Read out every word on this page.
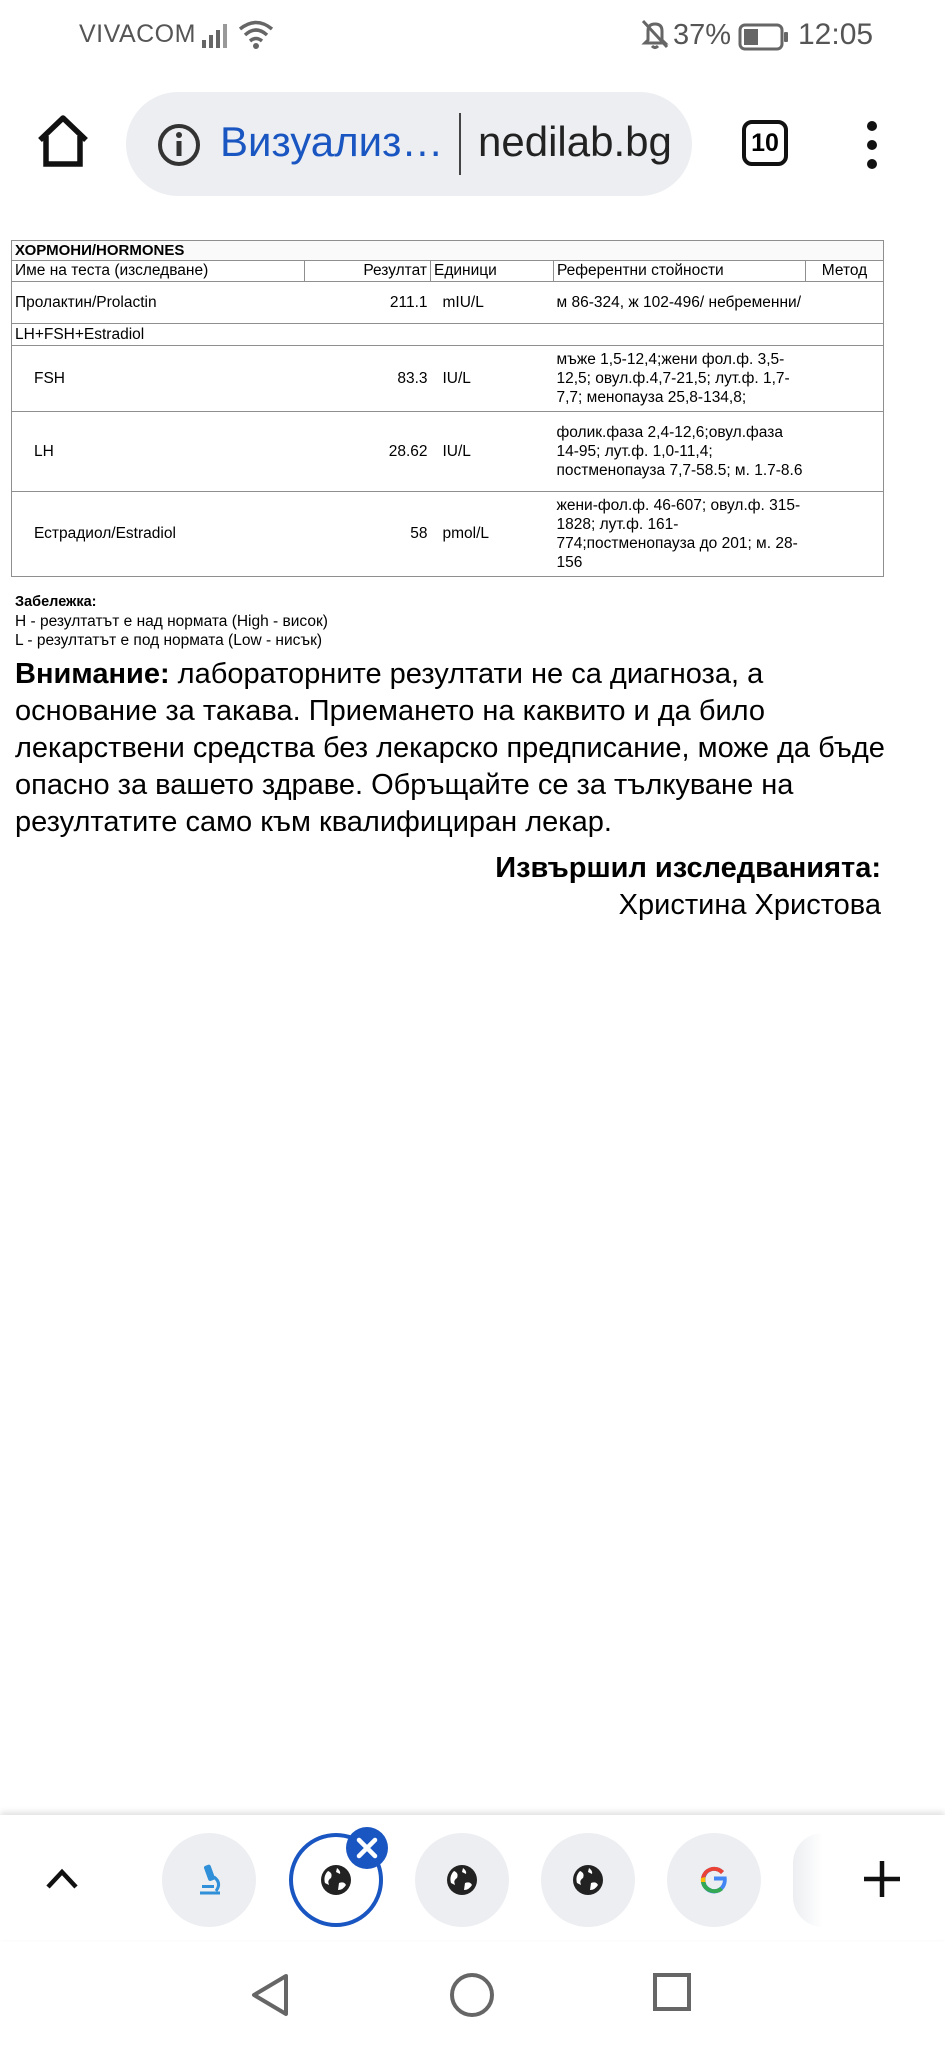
VIVACOM	37% 12:05
Визуализ… nedilab.bg	10
ХОРМОНИ/HORMONES				
Име на теста (изследване)	Резултат	Единици	Референтни стойности	Метод
Пролактин/Prolactin	211.1	mIU/L	м 86-324, ж 102-496/ небременни/	
LH+FSH+Estradiol				
FSH	83.3	IU/L	мъже 1,5-12,4;жени фол.ф. 3,5-12,5; овул.ф.4,7-21,5; лут.ф. 1,7-7,7; менопауза 25,8-134,8;	
LH	28.62	IU/L	фолик.фаза 2,4-12,6;овул.фаза 14-95; лут.ф. 1,0-11,4; постменопауза 7,7-58.5; м. 1.7-8.6	
Естрадиол/Estradiol	58	pmol/L	жени-фол.ф. 46-607; овул.ф. 315-1828; лут.ф. 161-774;постменопауза до 201; м. 28-156	
Забележка:
H - резултатът е над нормата (High - висок)
L - резултатът е под нормата (Low - нисък)
Внимание: лабораторните резултати не са диагноза, а основание за такава. Приемането на каквито и да било лекарствени средства без лекарско предписание, може да бъде опасно за вашето здраве. Обръщайте се за тълкуване на резултатите само към квалифициран лекар.
Извършил изследванията:
Христина Христова
